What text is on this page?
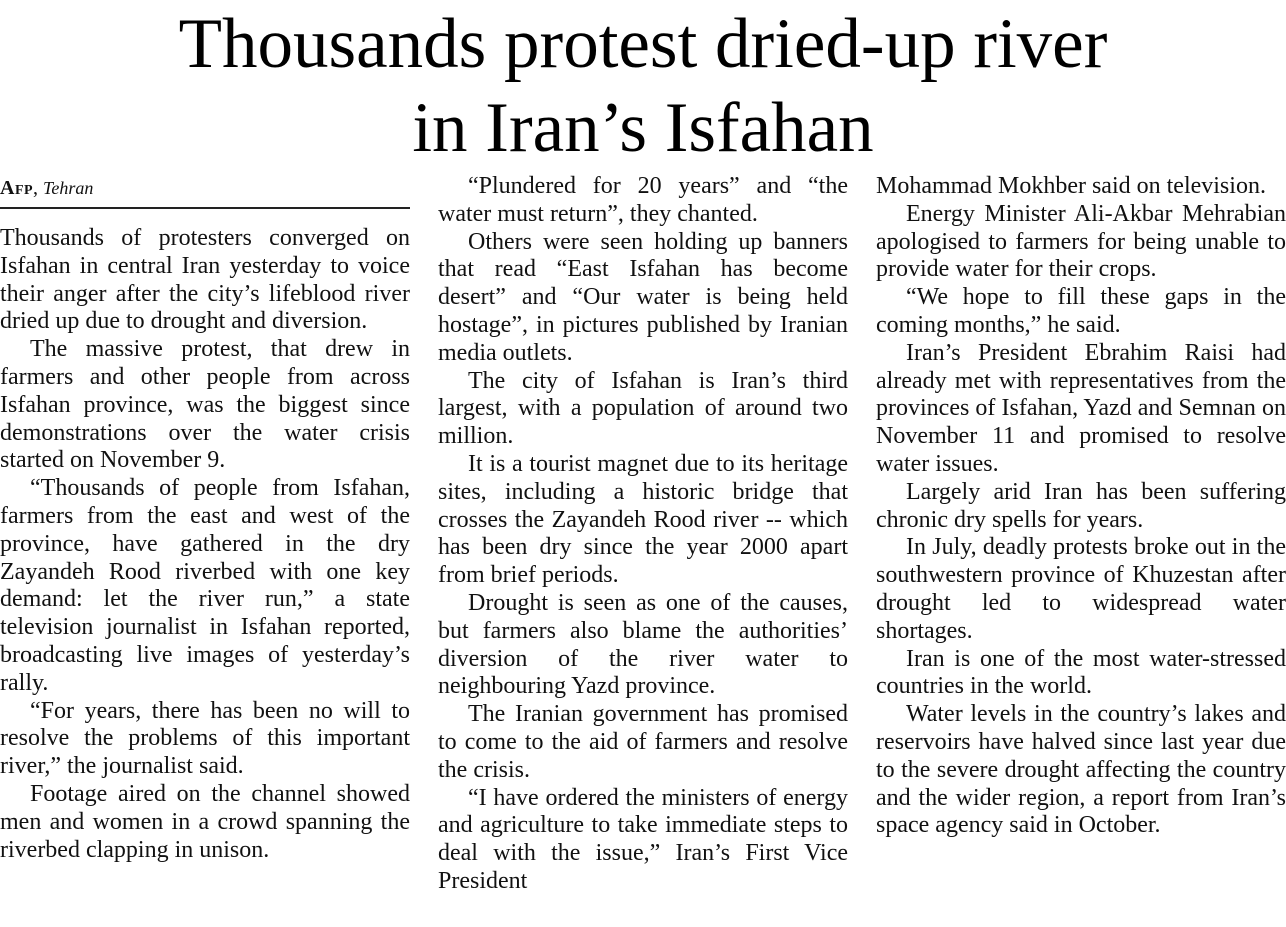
Thousands protest dried-up river
in Iran’s Isfahan
Afp, Tehran

Thousands of protesters converged on Isfahan in central Iran yesterday to voice their anger after the city’s lifeblood river dried up due to drought and diversion.

The massive protest, that drew in farmers and other people from across Isfahan province, was the biggest since demonstrations over the water crisis started on November 9.

“Thousands of people from Isfahan, farmers from the east and west of the province, have gathered in the dry Zayandeh Rood riverbed with one key demand: let the river run,” a state television journalist in Isfahan reported, broadcasting live images of yesterday’s rally.

“For years, there has been no will to resolve the problems of this important river,” the journalist said.

Footage aired on the channel showed men and women in a crowd spanning the riverbed clapping in unison.

“Plundered for 20 years” and “the water must return”, they chanted.

Others were seen holding up banners that read “East Isfahan has become desert” and “Our water is being held hostage”, in pictures published by Iranian media outlets.

The city of Isfahan is Iran’s third largest, with a population of around two million.

It is a tourist magnet due to its heritage sites, including a historic bridge that crosses the Zayandeh Rood river -- which has been dry since the year 2000 apart from brief periods.

Drought is seen as one of the causes, but farmers also blame the authorities’ diversion of the river water to neighbouring Yazd province.

The Iranian government has promised to come to the aid of farmers and resolve the crisis.

“I have ordered the ministers of energy and agriculture to take immediate steps to deal with the issue,” Iran’s First Vice President

Mohammad Mokhber said on television.

Energy Minister Ali-Akbar Mehrabian apologised to farmers for being unable to provide water for their crops.

“We hope to fill these gaps in the coming months,” he said.

Iran’s President Ebrahim Raisi had already met with representatives from the provinces of Isfahan, Yazd and Semnan on November 11 and promised to resolve water issues.

Largely arid Iran has been suffering chronic dry spells for years.

In July, deadly protests broke out in the southwestern province of Khuzestan after drought led to widespread water shortages.

Iran is one of the most water-stressed countries in the world.

Water levels in the country’s lakes and reservoirs have halved since last year due to the severe drought affecting the country and the wider region, a report from Iran’s space agency said in October.
